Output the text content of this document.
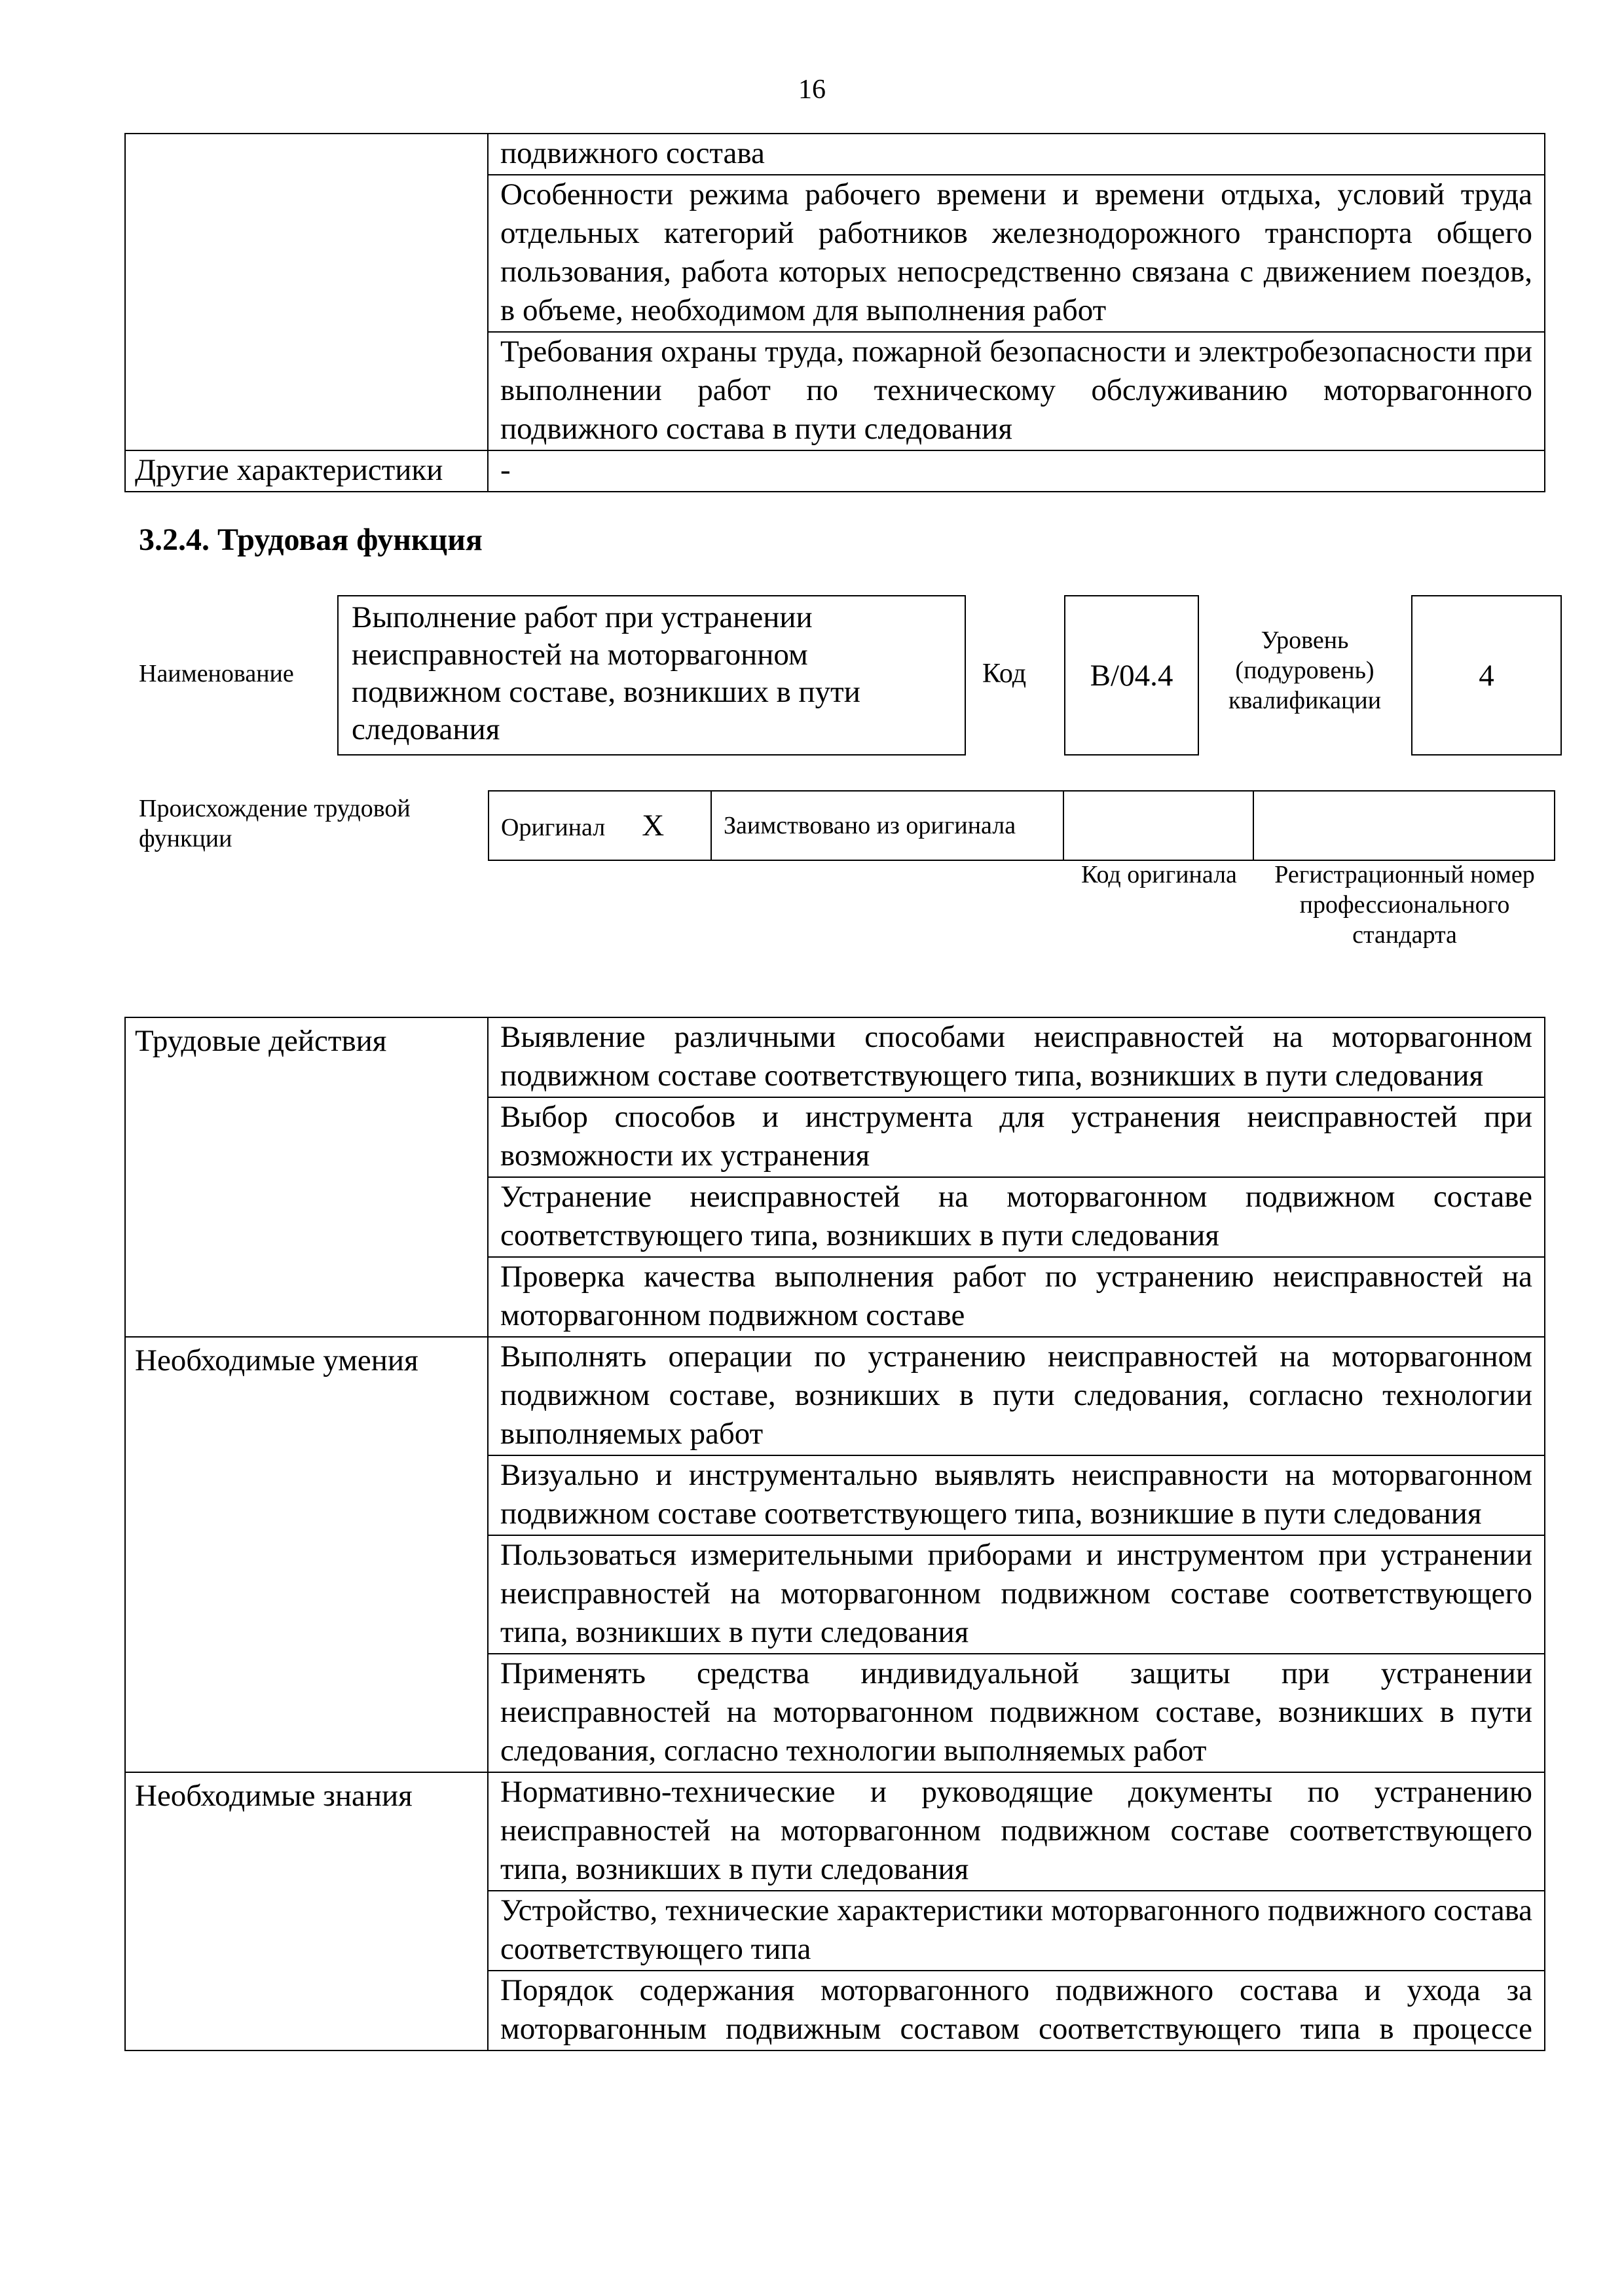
16

	подвижного состава
Особенности режима рабочего времени и времени отдыха, условий труда отдельных категорий работников железнодорожного транспорта общего пользования, работа которых непосредственно связана с движением поездов, в объеме, необходимом для выполнения работ
Требования охраны труда, пожарной безопасности и электробезопасности при выполнении работ по техническому обслуживанию моторвагонного подвижного состава в пути следования

Другие характеристики	-
3.2.4. Трудовая функция
Наименование
Выполнение работ при устранении неисправностей на моторвагонном подвижном составе, возникших в пути следования
Код B/04.4
Уровень (подуровень) квалификации
4
Происхождение трудовой функции	Оригинал X	Заимствовано из оригинала		
Код оригинала	Регистрационный номер профессионального стандарта
Трудовые действия	Выявление различными способами неисправностей на моторвагонном подвижном составе соответствующего типа, возникших в пути следования
Выбор способов и инструмента для устранения неисправностей при возможности их устранения
Устранение неисправностей на моторвагонном подвижном составе соответствующего типа, возникших в пути следования
Проверка качества выполнения работ по устранению неисправностей на моторвагонном подвижном составе

Необходимые умения	Выполнять операции по устранению неисправностей на моторвагонном подвижном составе, возникших в пути следования, согласно технологии выполняемых работ
Визуально и инструментально выявлять неисправности на моторвагонном подвижном составе соответствующего типа, возникшие в пути следования
Пользоваться измерительными приборами и инструментом при устранении неисправностей на моторвагонном подвижном составе соответствующего типа, возникших в пути следования
Применять средства индивидуальной защиты при устранении неисправностей на моторвагонном подвижном составе, возникших в пути следования, согласно технологии выполняемых работ

Необходимые знания	Нормативно-технические и руководящие документы по устранению неисправностей на моторвагонном подвижном составе соответствующего типа, возникших в пути следования
Устройство, технические характеристики моторвагонного подвижного состава соответствующего типа
Порядок содержания моторвагонного подвижного состава и ухода за моторвагонным подвижным составом соответствующего типа в процессе
